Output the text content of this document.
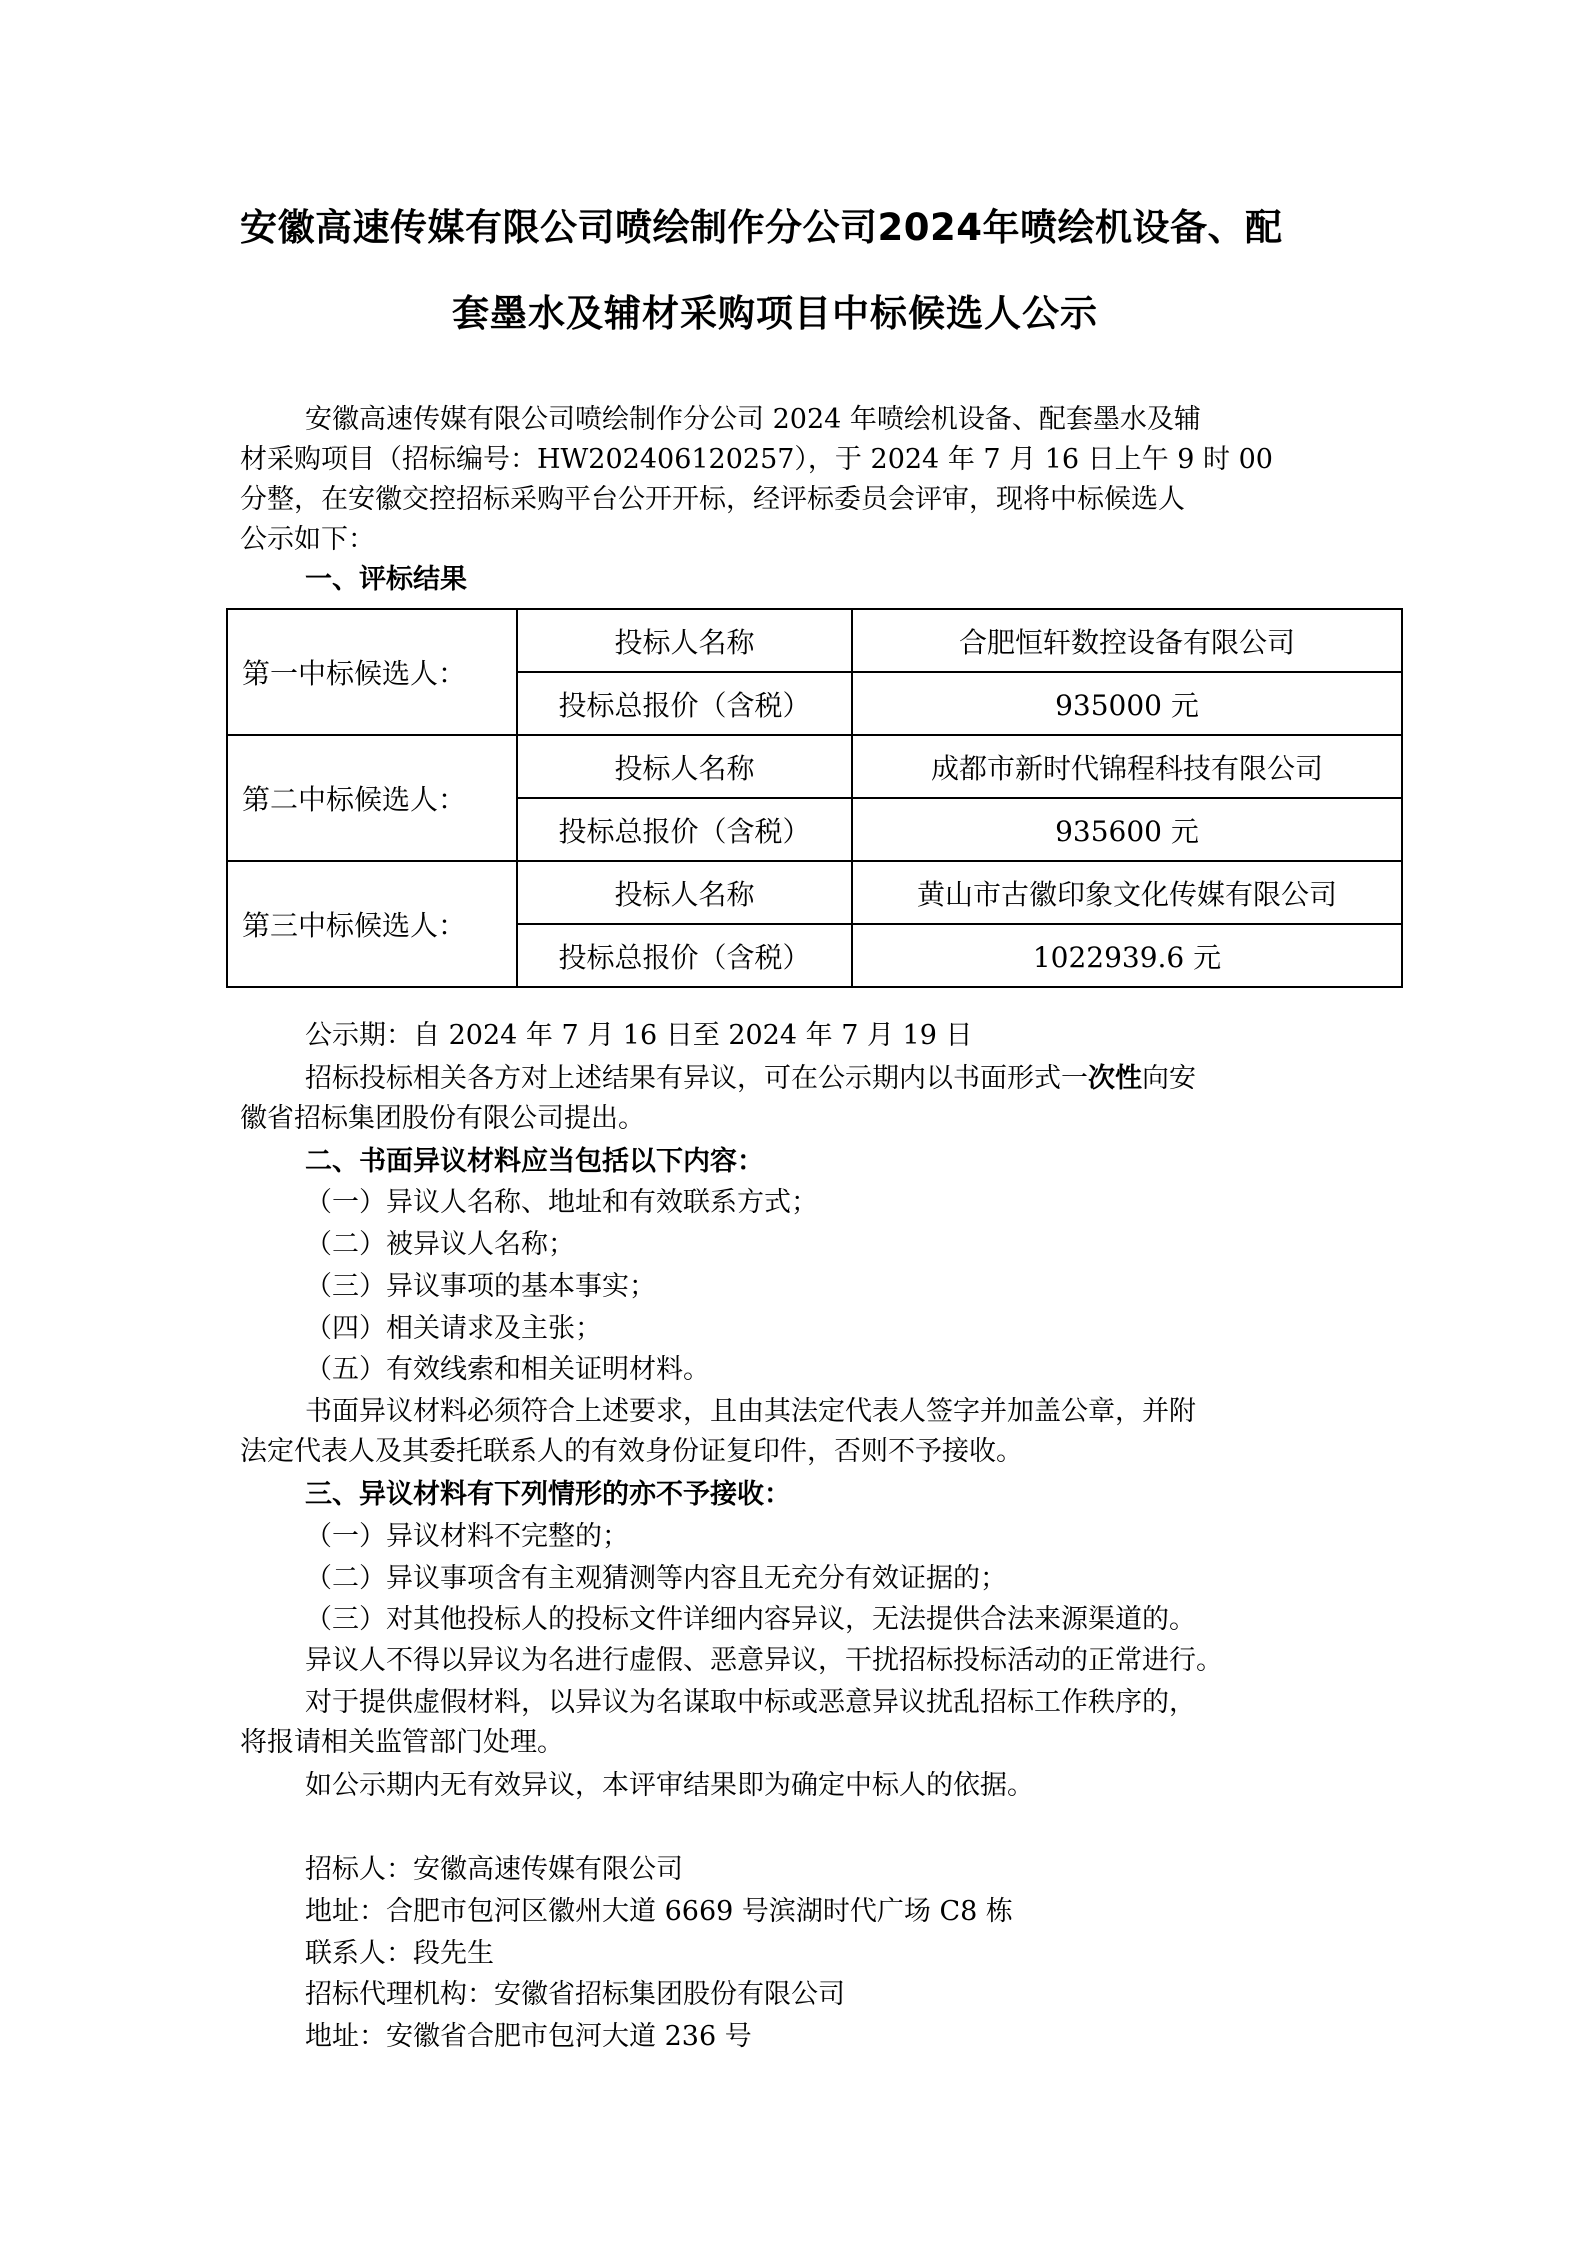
安徽高速传媒有限公司喷绘制作分公司2024年喷绘机设备、配
套墨水及辅材采购项目中标候选人公示

安徽高速传媒有限公司喷绘制作分公司 2024 年喷绘机设备、配套墨水及辅

材采购项目（招标编号：HW202406120257），于 2024 年 7 月 16 日上午 9 时 00

分整，在安徽交控招标采购平台公开开标，经评标委员会评审，现将中标候选人

公示如下：

一、评标结果

第一中标候选人：	投标人名称	合肥恒轩数控设备有限公司
	投标总报价（含税）	935000 元
第二中标候选人：	投标人名称	成都市新时代锦程科技有限公司
	投标总报价（含税）	935600 元
第三中标候选人：	投标人名称	黄山市古徽印象文化传媒有限公司
	投标总报价（含税）	1022939.6 元

公示期：自 2024 年 7 月 16 日至 2024 年 7 月 19 日

招标投标相关各方对上述结果有异议，可在公示期内以书面形式一次性向安

徽省招标集团股份有限公司提出。

二、书面异议材料应当包括以下内容：

（一）异议人名称、地址和有效联系方式；

（二）被异议人名称；

（三）异议事项的基本事实；

（四）相关请求及主张；

（五）有效线索和相关证明材料。

书面异议材料必须符合上述要求，且由其法定代表人签字并加盖公章，并附

法定代表人及其委托联系人的有效身份证复印件，否则不予接收。

三、异议材料有下列情形的亦不予接收：

（一）异议材料不完整的；

（二）异议事项含有主观猜测等内容且无充分有效证据的；

（三）对其他投标人的投标文件详细内容异议，无法提供合法来源渠道的。

异议人不得以异议为名进行虚假、恶意异议，干扰招标投标活动的正常进行。

对于提供虚假材料，以异议为名谋取中标或恶意异议扰乱招标工作秩序的，

将报请相关监管部门处理。

如公示期内无有效异议，本评审结果即为确定中标人的依据。

招标人：安徽高速传媒有限公司

地址：合肥市包河区徽州大道 6669 号滨湖时代广场 C8 栋

联系人：段先生

招标代理机构：安徽省招标集团股份有限公司

地址：安徽省合肥市包河大道 236 号
